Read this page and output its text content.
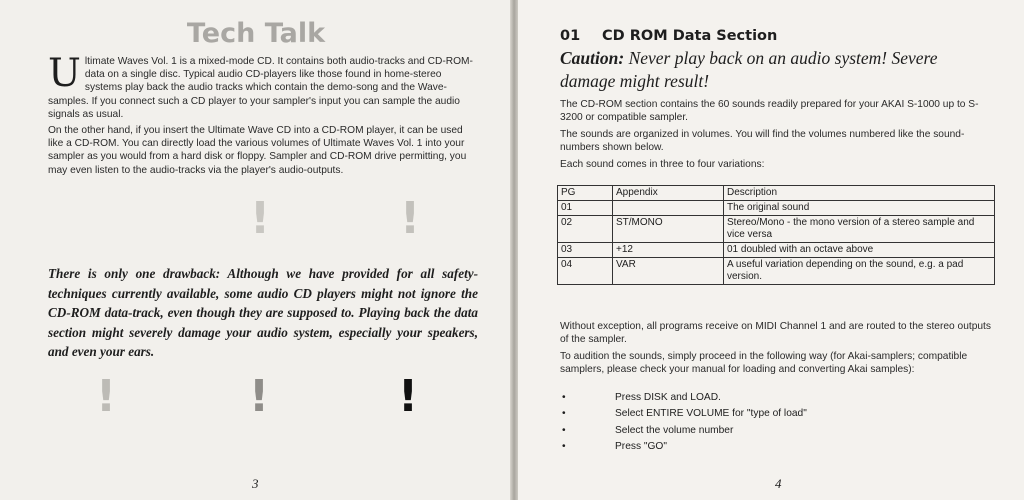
Tech Talk
U ltimate Waves Vol. 1 is a mixed-mode CD. It contains both audio-tracks and CD-ROM-data on a single disc. Typical audio CD-players like those found in home-stereo systems play back the audio tracks which contain the demo-song and the Wave-samples. If you connect such a CD player to your sampler's input you can sample the audio signals as usual.

On the other hand, if you insert the Ultimate Wave CD into a CD-ROM player, it can be used like a CD-ROM. You can directly load the various volumes of Ultimate Waves Vol. 1 into your sampler as you would from a hard disk or floppy. Sampler and CD-ROM drive permitting, you may even listen to the audio-tracks via the player's audio-outputs.

!	!
There is only one drawback: Although we have provided for all safety-techniques currently available, some audio CD players might not ignore the CD-ROM data-track, even though they are supposed to. Playing back the data section might severely damage your audio system, especially your speakers, and even your ears.
!	!	!
3
01 CD ROM Data Section
Caution: Never play back on an audio system! Severe damage might result!

The CD-ROM section contains the 60 sounds readily prepared for your AKAI S-1000 up to S-3200 or compatible sampler.

The sounds are organized in volumes. You will find the volumes numbered like the sound-numbers shown below.

Each sound comes in three to four variations:

PG	Appendix	Description
01		The original sound
02	ST/MONO	Stereo/Mono - the mono version of a stereo sample and vice versa
03	+12	01 doubled with an octave above
04	VAR	A useful variation depending on the sound, e.g. a pad version.

Without exception, all programs receive on MIDI Channel 1 and are routed to the stereo outputs of the sampler.

To audition the sounds, simply proceed in the following way (for Akai-samplers; compatible samplers, please check your manual for loading and converting Akai samples):

• Press DISK and LOAD.
• Select ENTIRE VOLUME for "type of load"
• Select the volume number
• Press "GO"
4
